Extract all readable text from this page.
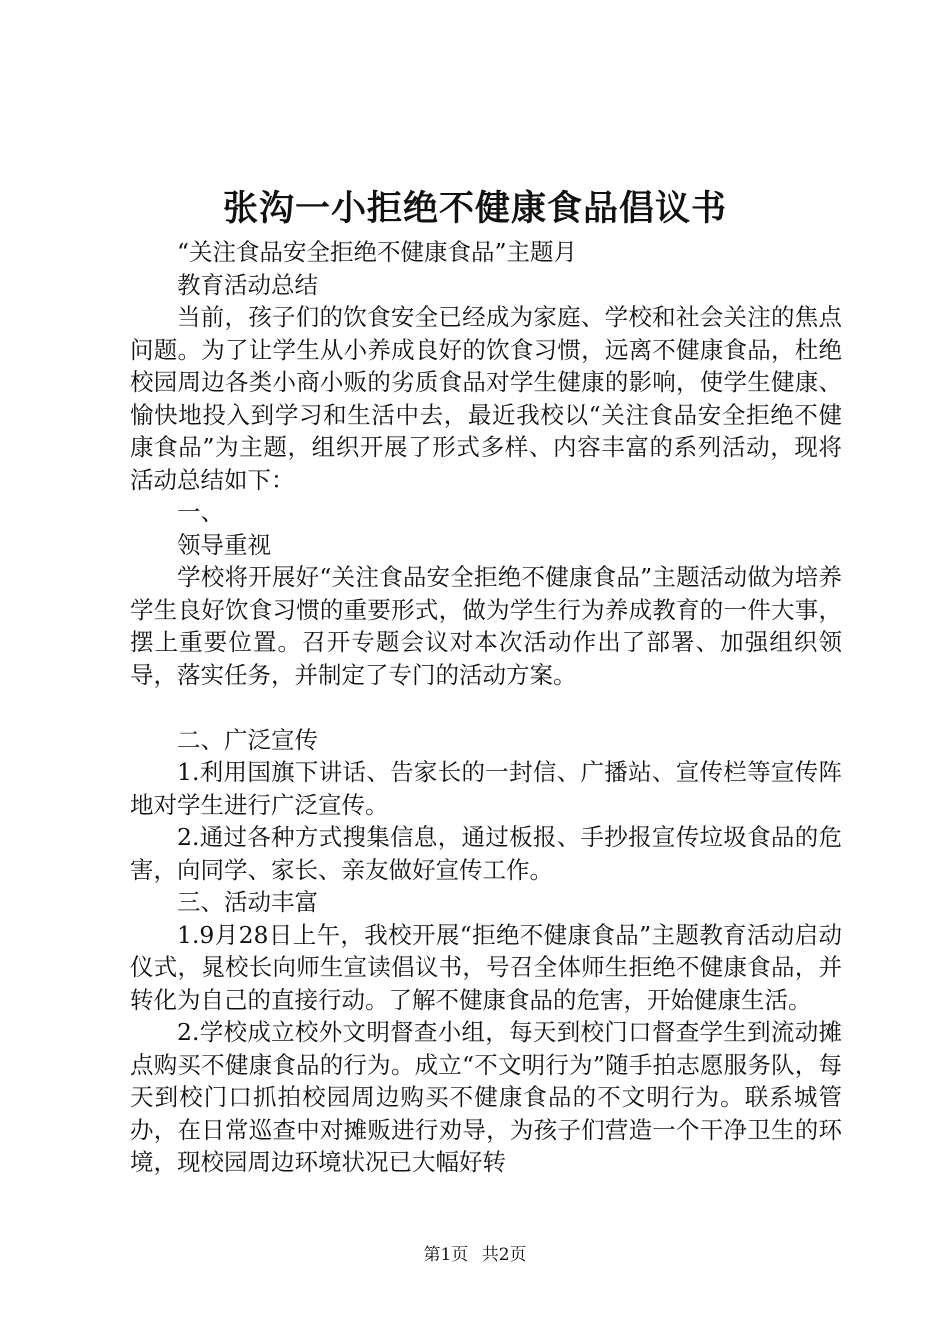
张沟一小拒绝不健康食品倡议书

“关注食品安全拒绝不健康食品”主题月

教育活动总结

当前，孩子们的饮食安全已经成为家庭、学校和社会关注的焦点问题。为了让学生从小养成良好的饮食习惯，远离不健康食品，杜绝校园周边各类小商小贩的劣质食品对学生健康的影响，使学生健康、愉快地投入到学习和生活中去，最近我校以“关注食品安全拒绝不健康食品”为主题，组织开展了形式多样、内容丰富的系列活动，现将活动总结如下：

一、

领导重视

学校将开展好“关注食品安全拒绝不健康食品”主题活动做为培养学生良好饮食习惯的重要形式，做为学生行为养成教育的一件大事，摆上重要位置。召开专题会议对本次活动作出了部署、加强组织领导，落实任务，并制定了专门的活动方案。

二、广泛宣传

1.利用国旗下讲话、告家长的一封信、广播站、宣传栏等宣传阵地对学生进行广泛宣传。

2.通过各种方式搜集信息，通过板报、手抄报宣传垃圾食品的危害，向同学、家长、亲友做好宣传工作。

三、活动丰富

1.9月28日上午，我校开展“拒绝不健康食品”主题教育活动启动仪式，晁校长向师生宣读倡议书，号召全体师生拒绝不健康食品，并转化为自己的直接行动。了解不健康食品的危害，开始健康生活。

2.学校成立校外文明督查小组，每天到校门口督查学生到流动摊点购买不健康食品的行为。成立“不文明行为”随手拍志愿服务队，每天到校门口抓拍校园周边购买不健康食品的不文明行为。联系城管办，在日常巡查中对摊贩进行劝导，为孩子们营造一个干净卫生的环境，现校园周边环境状况已大幅好转

第1页 共2页
